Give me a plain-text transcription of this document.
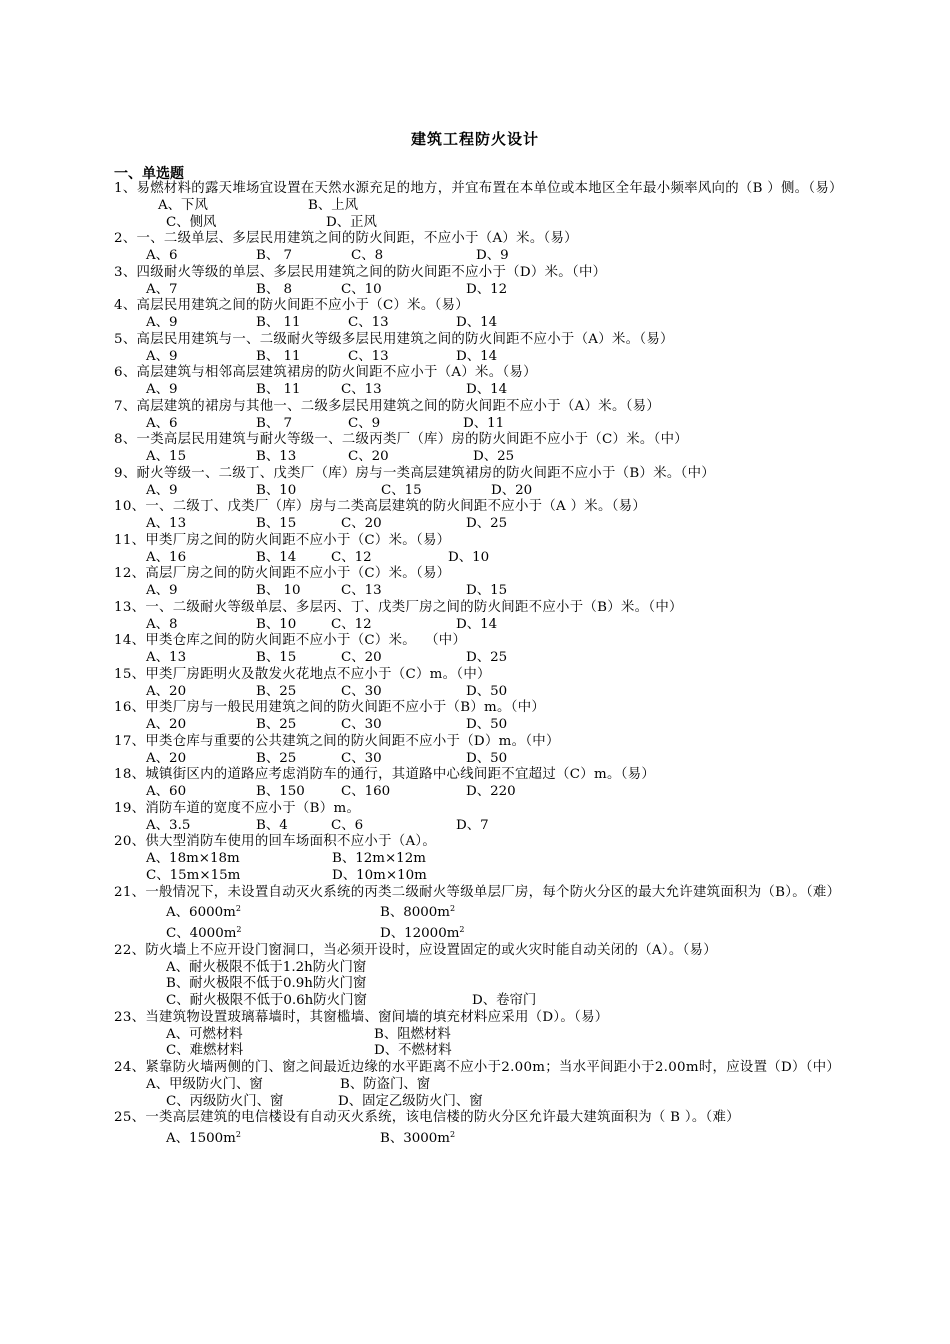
建筑工程防火设计
一、单选题

1、易燃材料的露天堆场宜设置在天然水源充足的地方，并宜布置在本单位或本地区全年最小频率风向的（B ）侧。（易）

A、下风	B、上风
C、侧风	D、正风

2、一、二级单层、多层民用建筑之间的防火间距，不应小于（A）米。（易）

A、6	B、 7	C、8	D、9

3、四级耐火等级的单层、多层民用建筑之间的防火间距不应小于（D）米。（中）

A、7	B、 8	C、10	D、12

4、高层民用建筑之间的防火间距不应小于（C）米。（易）

A、9	B、 11	C、13	D、14

5、高层民用建筑与一、二级耐火等级多层民用建筑之间的防火间距不应小于（A）米。（易）

A、9	B、 11	C、13	D、14

6、高层建筑与相邻高层建筑裙房的防火间距不应小于（A）米。（易）

A、9	B、 11	C、13	D、14

7、高层建筑的裙房与其他一、二级多层民用建筑之间的防火间距不应小于（A）米。（易）

A、6	B、 7	C、9	D、11

8、一类高层民用建筑与耐火等级一、二级丙类厂（库）房的防火间距不应小于（C）米。（中）

A、15	B、13	C、20	D、25

9、耐火等级一、二级丁、戊类厂（库）房与一类高层建筑裙房的防火间距不应小于（B）米。（中）

A、9	B、10	C、15	D、20

10、一、二级丁、戊类厂（库）房与二类高层建筑的防火间距不应小于（A ）米。（易）

A、13	B、15	C、20	D、25

11、甲类厂房之间的防火间距不应小于（C）米。（易）

A、16	B、14	C、12	D、10

12、高层厂房之间的防火间距不应小于（C）米。（易）

A、9	B、 10	C、13	D、15

13、一、二级耐火等级单层、多层丙、丁、戊类厂房之间的防火间距不应小于（B）米。（中）

A、8	B、10	C、12	D、14

14、甲类仓库之间的防火间距不应小于（C）米。  （中）

A、13	B、15	C、20	D、25

15、甲类厂房距明火及散发火花地点不应小于（C）m。（中）

A、20	B、25	C、30	D、50

16、甲类厂房与一般民用建筑之间的防火间距不应小于（B）m。（中）

A、20	B、25	C、30	D、50

17、甲类仓库与重要的公共建筑之间的防火间距不应小于（D）m。（中）

A、20	B、25	C、30	D、50

18、城镇街区内的道路应考虑消防车的通行，其道路中心线间距不宜超过（C）m。（易）

A、60	B、150	C、160	D、220

19、消防车道的宽度不应小于（B）m。

A、3.5	B、4	C、6	D、7

20、供大型消防车使用的回车场面积不应小于（A）。

A、18m×18m	B、12m×12m
C、15m×15m	D、10m×10m

21、一般情况下，未设置自动灭火系统的丙类二级耐火等级单层厂房，每个防火分区的最大允许建筑面积为（B）。（难）

A、$6000m^2$	B、$8000m^2$
C、$4000m^2$	D、$12000m^2$

22、防火墙上不应开设门窗洞口，当必须开设时，应设置固定的或火灾时能自动关闭的（A）。（易）

A、耐火极限不低于1.2h防火门窗
B、耐火极限不低于0.9h防火门窗
C、耐火极限不低于0.6h防火门窗	D、卷帘门

23、当建筑物设置玻璃幕墙时，其窗槛墙、窗间墙的填充材料应采用（D）。（易）

A、可燃材料	B、阻燃材料
C、难燃材料	D、不燃材料

24、紧靠防火墙两侧的门、窗之间最近边缘的水平距离不应小于2.00m；当水平间距小于2.00m时，应设置（D）（中）

A、甲级防火门、窗	B、防盗门、窗
C、丙级防火门、窗	D、固定乙级防火门、窗

25、一类高层建筑的电信楼设有自动灭火系统，该电信楼的防火分区允许最大建筑面积为（ B ）。（难）

A、$1500m^2$	B、$3000m^2$
